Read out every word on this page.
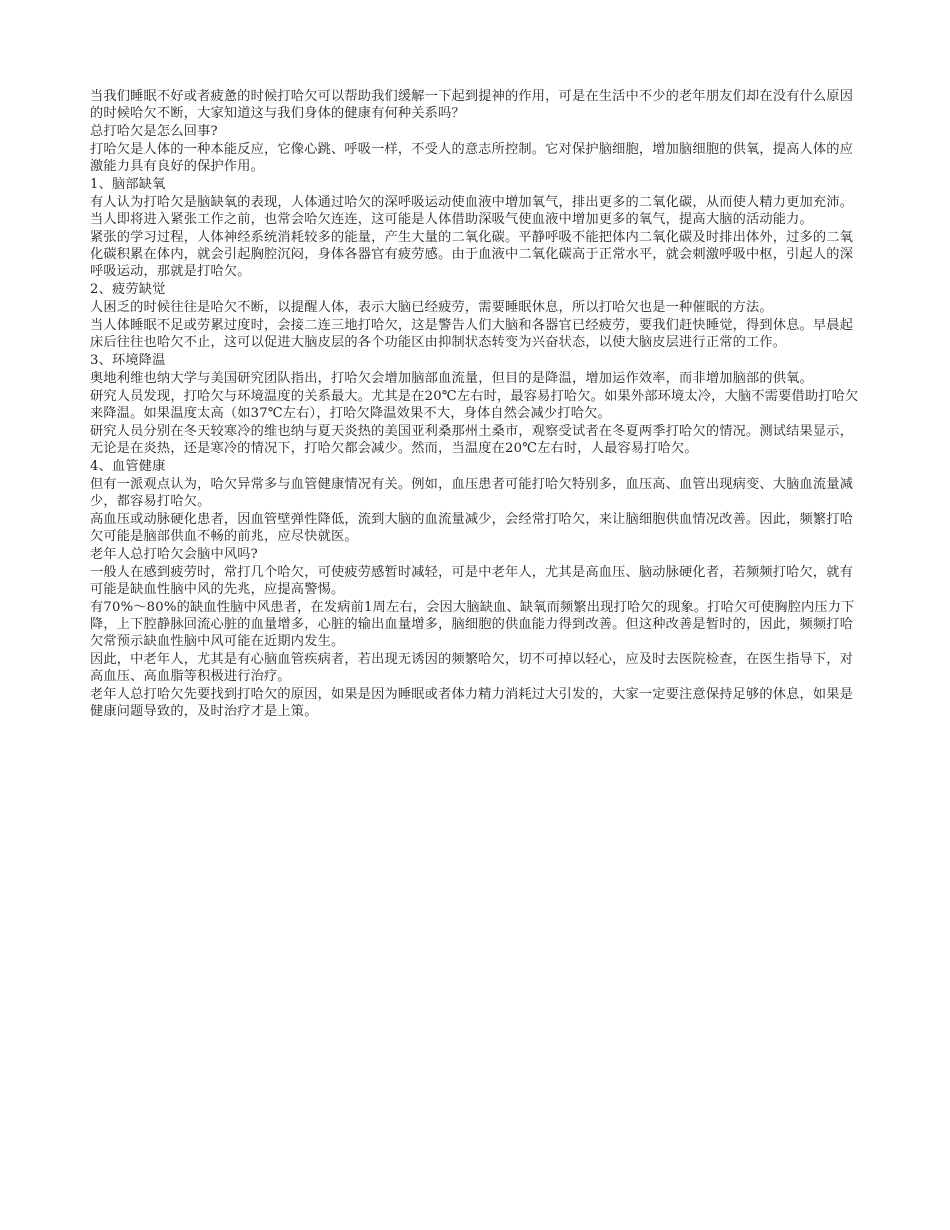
当我们睡眠不好或者疲惫的时候打哈欠可以帮助我们缓解一下起到提神的作用，可是在生活中不少的老年朋友们却在没有什么原因的时候哈欠不断，大家知道这与我们身体的健康有何种关系吗？

总打哈欠是怎么回事?

打哈欠是人体的一种本能反应，它像心跳、呼吸一样，不受人的意志所控制。它对保护脑细胞，增加脑细胞的供氧，提高人体的应激能力具有良好的保护作用。

1、脑部缺氧

有人认为打哈欠是脑缺氧的表现，人体通过哈欠的深呼吸运动使血液中增加氧气，排出更多的二氧化碳，从而使人精力更加充沛。当人即将进入紧张工作之前，也常会哈欠连连，这可能是人体借助深吸气使血液中增加更多的氧气，提高大脑的活动能力。

紧张的学习过程，人体神经系统消耗较多的能量，产生大量的二氧化碳。平静呼吸不能把体内二氧化碳及时排出体外，过多的二氧化碳积累在体内，就会引起胸腔沉闷，身体各器官有疲劳感。由于血液中二氧化碳高于正常水平，就会刺激呼吸中枢，引起人的深呼吸运动，那就是打哈欠。

2、疲劳缺觉

人困乏的时候往往是哈欠不断，以提醒人体，表示大脑已经疲劳，需要睡眠休息，所以打哈欠也是一种催眠的方法。

当人体睡眠不足或劳累过度时，会接二连三地打哈欠，这是警告人们大脑和各器官已经疲劳，要我们赶快睡觉，得到休息。早晨起床后往往也哈欠不止，这可以促进大脑皮层的各个功能区由抑制状态转变为兴奋状态，以使大脑皮层进行正常的工作。

3、环境降温

奥地利维也纳大学与美国研究团队指出，打哈欠会增加脑部血流量，但目的是降温，增加运作效率，而非增加脑部的供氧。

研究人员发现，打哈欠与环境温度的关系最大。尤其是在20℃左右时，最容易打哈欠。如果外部环境太冷，大脑不需要借助打哈欠来降温。如果温度太高（如37℃左右），打哈欠降温效果不大，身体自然会减少打哈欠。

研究人员分别在冬天较寒冷的维也纳与夏天炎热的美国亚利桑那州土桑市，观察受试者在冬夏两季打哈欠的情况。测试结果显示，无论是在炎热，还是寒冷的情况下，打哈欠都会减少。然而，当温度在20℃左右时，人最容易打哈欠。

4、血管健康

但有一派观点认为，哈欠异常多与血管健康情况有关。例如，血压患者可能打哈欠特别多，血压高、血管出现病变、大脑血流量减少，都容易打哈欠。

高血压或动脉硬化患者，因血管壁弹性降低，流到大脑的血流量减少，会经常打哈欠，来让脑细胞供血情况改善。因此，频繁打哈欠可能是脑部供血不畅的前兆，应尽快就医。

老年人总打哈欠会脑中风吗?

一般人在感到疲劳时，常打几个哈欠，可使疲劳感暂时减轻，可是中老年人，尤其是高血压、脑动脉硬化者，若频频打哈欠，就有可能是缺血性脑中风的先兆，应提高警惕。

有70%～80%的缺血性脑中风患者，在发病前1周左右，会因大脑缺血、缺氧而频繁出现打哈欠的现象。打哈欠可使胸腔内压力下降，上下腔静脉回流心脏的血量增多，心脏的输出血量增多，脑细胞的供血能力得到改善。但这种改善是暂时的，因此，频频打哈欠常预示缺血性脑中风可能在近期内发生。

因此，中老年人，尤其是有心脑血管疾病者，若出现无诱因的频繁哈欠，切不可掉以轻心，应及时去医院检查，在医生指导下，对高血压、高血脂等积极进行治疗。

老年人总打哈欠先要找到打哈欠的原因，如果是因为睡眠或者体力精力消耗过大引发的，大家一定要注意保持足够的休息，如果是健康问题导致的，及时治疗才是上策。
